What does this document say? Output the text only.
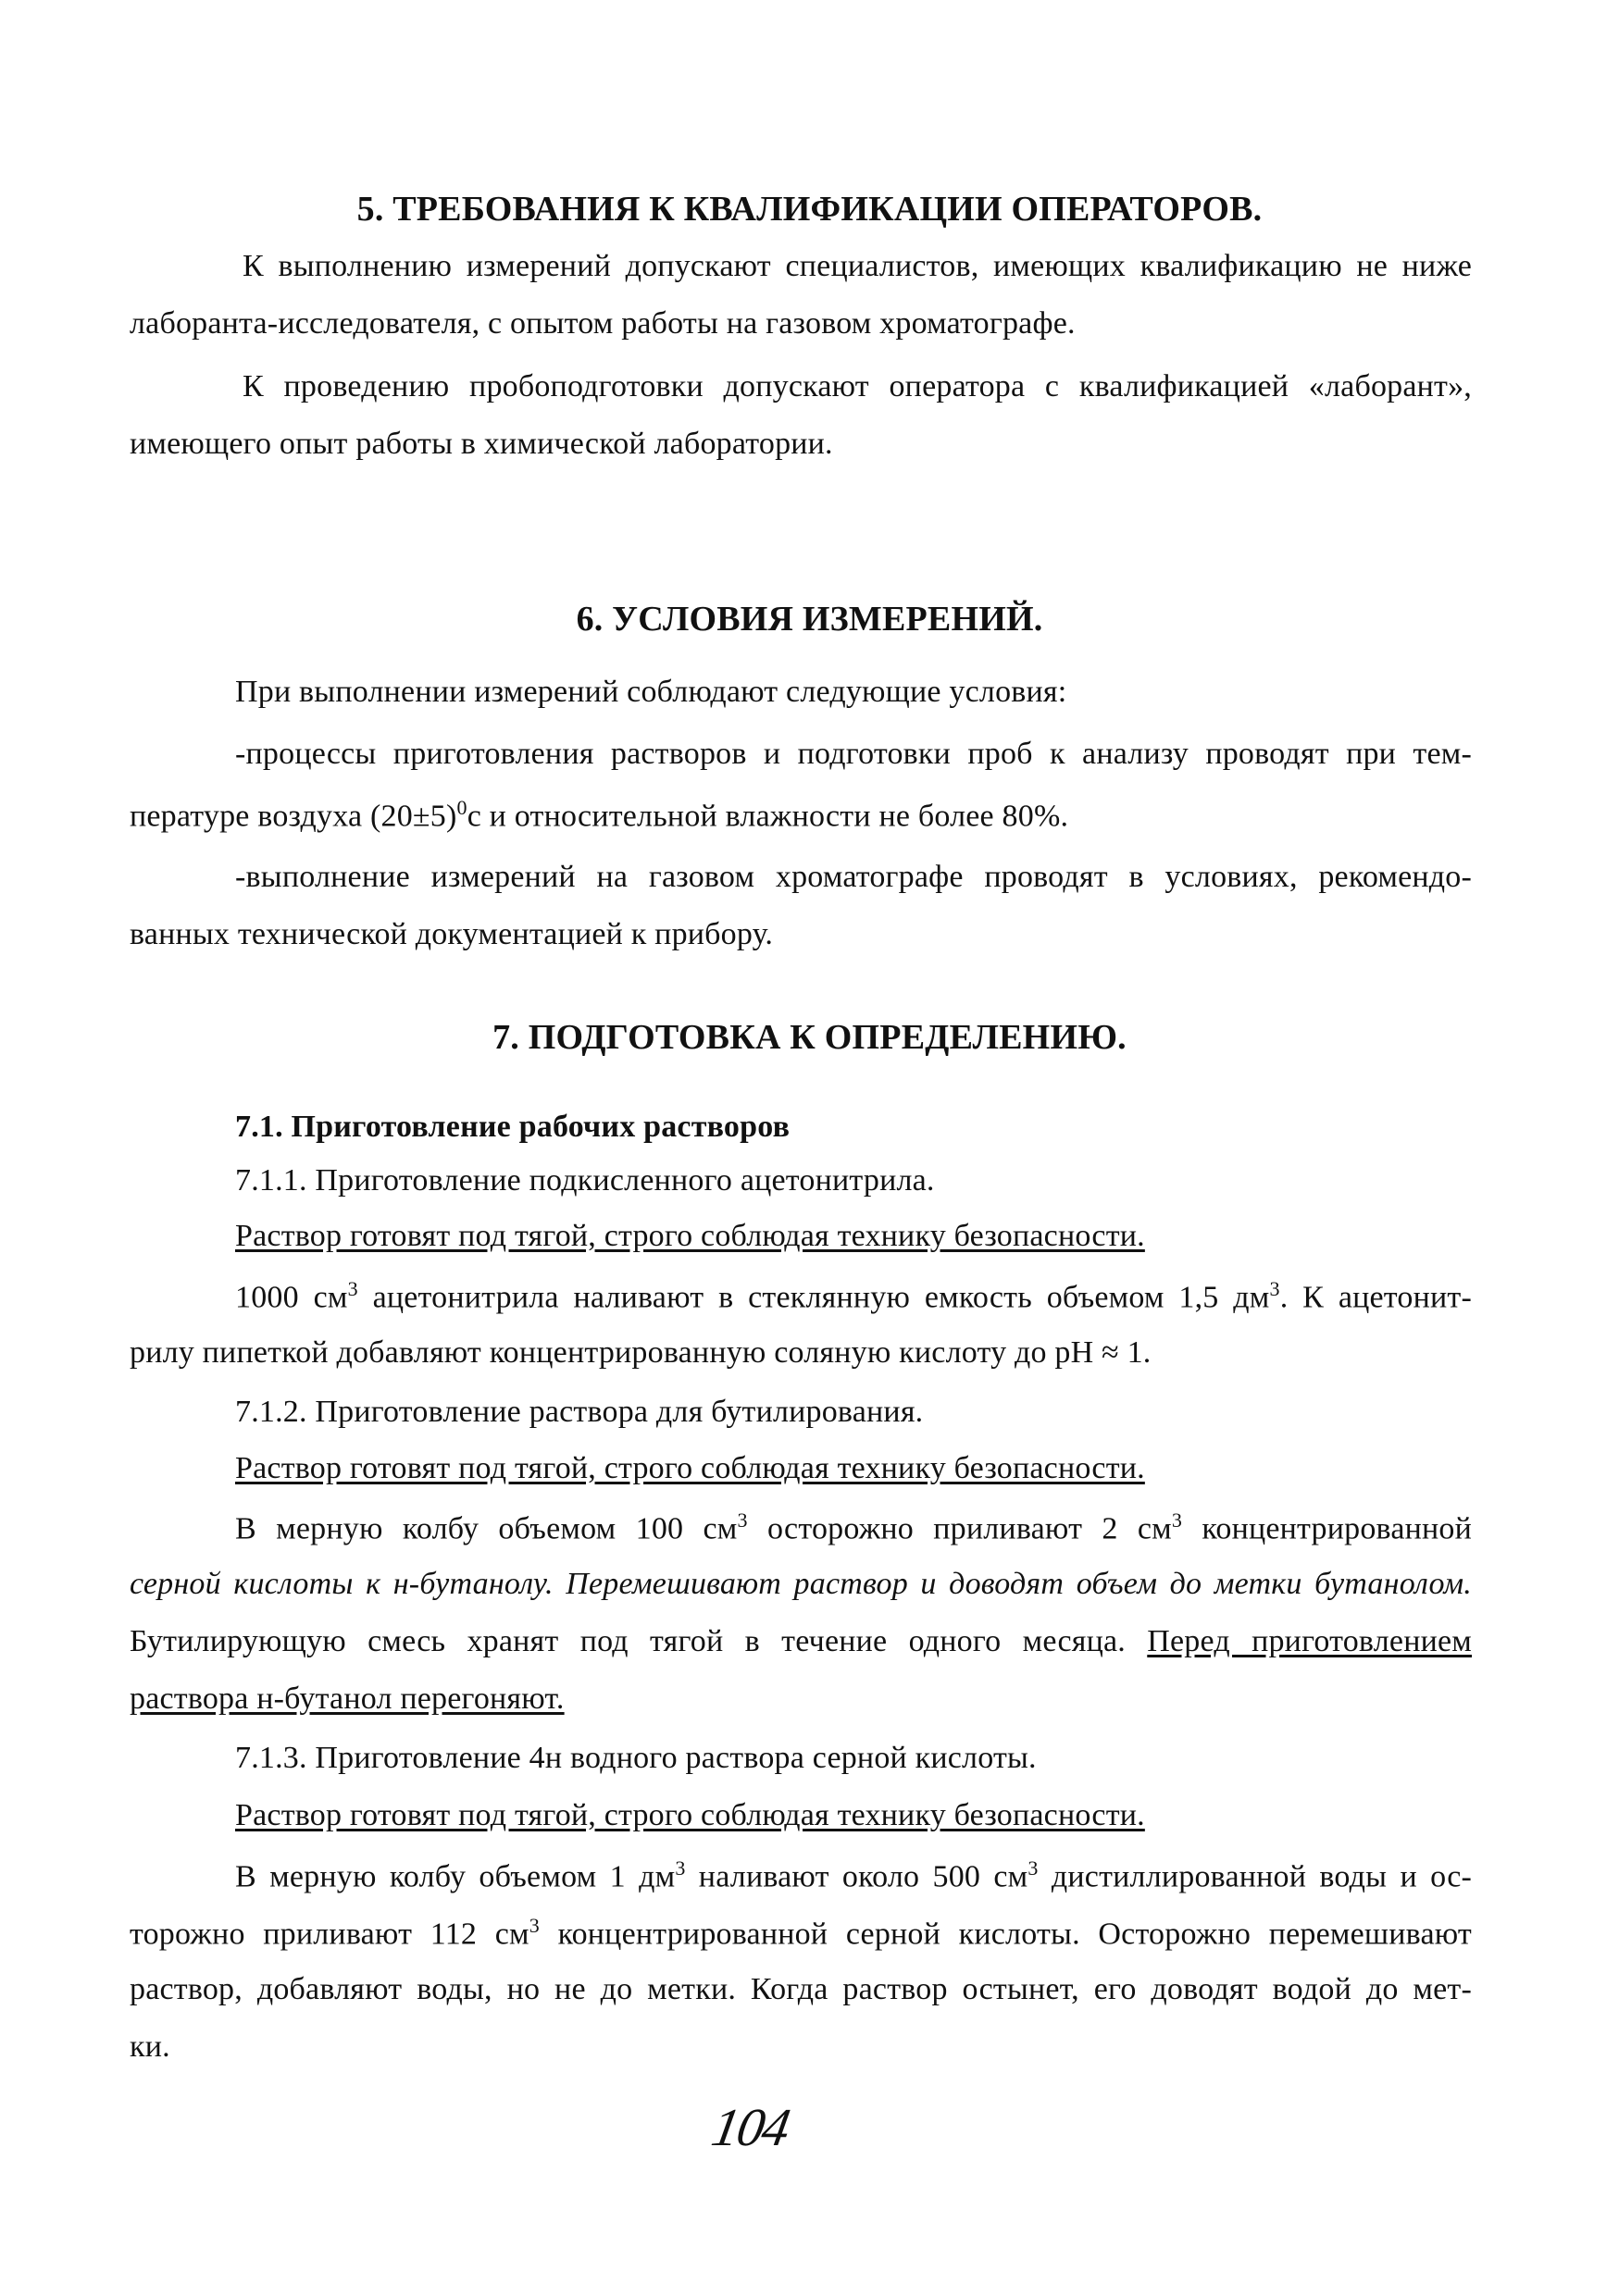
5. ТРЕБОВАНИЯ К КВАЛИФИКАЦИИ ОПЕРАТОРОВ.
К выполнению измерений допускают специалистов, имеющих квалификацию не ниже
лаборанта-исследователя, с опытом работы на газовом хроматографе.
К проведению пробоподготовки допускают оператора с квалификацией «лаборант»,
имеющего опыт работы в химической лаборатории.
6. УСЛОВИЯ ИЗМЕРЕНИЙ.
При выполнении измерений соблюдают следующие условия:
-процессы приготовления растворов и подготовки проб к анализу проводят при тем-
пературе воздуха $(20\pm 5)^0с$ и относительной влажности не более 80%.
-выполнение измерений на газовом хроматографе проводят в условиях, рекомендо-
ванных технической документацией к прибору.
7. ПОДГОТОВКА К ОПРЕДЕЛЕНИЮ.
7.1. Приготовление рабочих растворов
7.1.1. Приготовление подкисленного ацетонитрила.
Раствор готовят под тягой, строго соблюдая технику безопасности.
1000 $см^3$ ацетонитрила наливают в стеклянную емкость объемом 1,5 $дм^3$. К ацетонит-
рилу пипеткой добавляют концентрированную соляную кислоту до pH ≈ 1.
7.1.2. Приготовление раствора для бутилирования.
Раствор готовят под тягой, строго соблюдая технику безопасности.
В мерную колбу объемом 100 $см^3$ осторожно приливают 2 $см^3$ концентрированной
серной кислоты к н-бутанолу. Перемешивают раствор и доводят объем до метки бутанолом.
Бутилирующую смесь хранят под тягой в течение одного месяца. Перед приготовлением
раствора н-бутанол перегоняют.
7.1.3. Приготовление 4н водного раствора серной кислоты.
Раствор готовят под тягой, строго соблюдая технику безопасности.
В мерную колбу объемом 1 $дм^3$ наливают около 500 $см^3$ дистиллированной воды и ос-
торожно приливают 112 $см^3$ концентрированной серной кислоты. Осторожно перемешивают
раствор, добавляют воды, но не до метки. Когда раствор остынет, его доводят водой до мет-
ки.
104
